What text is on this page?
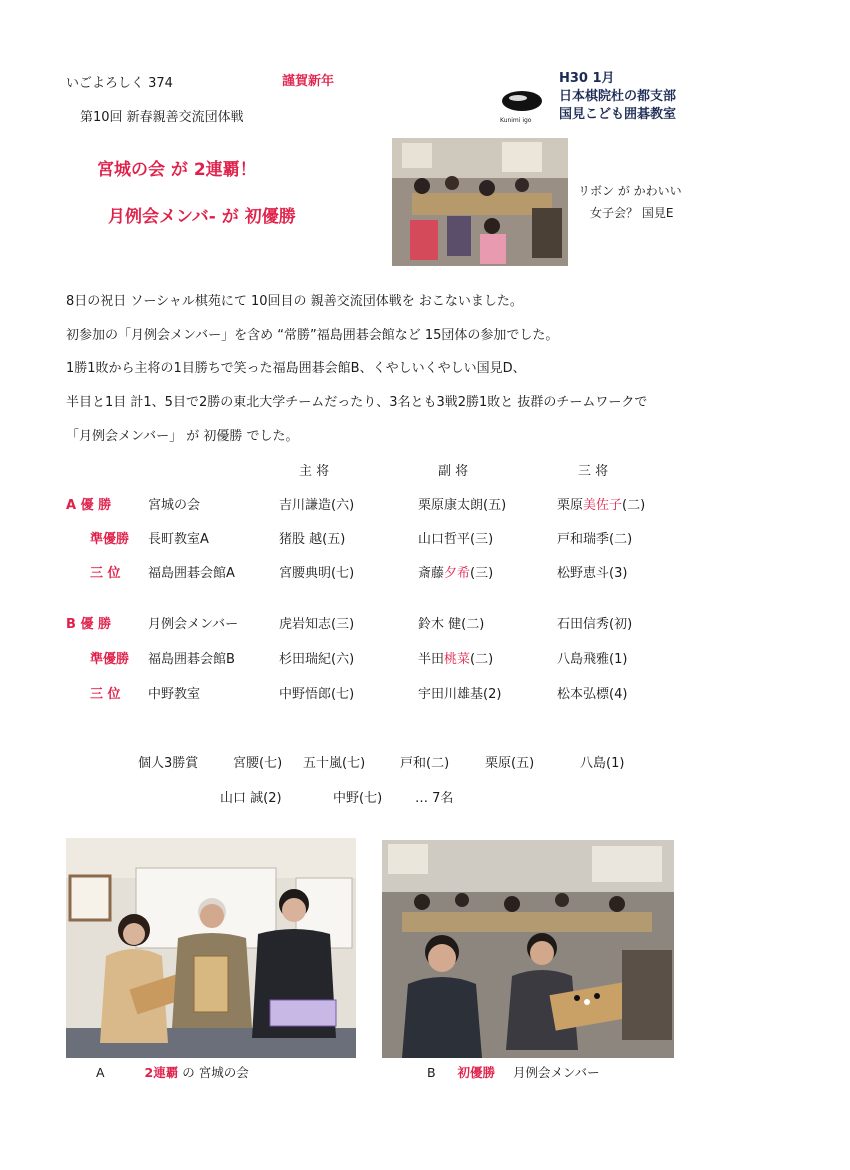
いごよろしく 374	謹賀新年
第10回 新春親善交流団体戦	Kunimi igo
H30 1月
日本棋院杜の都支部
国見こども囲碁教室
宮城の会 が 2連覇！
月例会メンバ- が 初優勝
リボン が かわいい
女子会？ 国見E
8日の祝日 ソーシャル棋苑にて 10回目の 親善交流団体戦を おこないました。
初参加の「月例会メンバー」を含め “常勝”福島囲碁会館など 15団体の参加でした。
1勝1敗から主将の1目勝ちで笑った福島囲碁会館B、くやしいくやしい国見D、
半目と1目 計1、5目で2勝の東北大学チームだったり、3名とも3戦2勝1敗と 抜群のチームワークで
「月例会メンバー」 が 初優勝 でした。
主 将	副 将	三 将
A 優 勝	宮城の会	吉川謙造(六)	栗原康太朗(五)	栗原美佐子(二)
準優勝 長町教室A	猪股 越(五)	山口哲平(三)	戸和瑞季(二)
三 位 福島囲碁会館A	宮腰典明(七)	斎藤夕希(三)	松野恵斗(3)
B 優 勝	月例会メンバー	虎岩知志(三)	鈴木 健(二)	石田信秀(初)
準優勝 福島囲碁会館B	杉田瑞紀(六)	半田桃菜(二)	八島飛雅(1)
三 位 中野教室	中野悟郎(七)	宇田川雄基(2)	松本弘標(4)
個人3勝賞	宮腰(七) 五十嵐(七)	戸和(二)	栗原(五)	八島(1)
山口 誠(2)	中野(七)	… 7名
A	2連覇 の 宮城の会	B 初優勝 月例会メンバー
